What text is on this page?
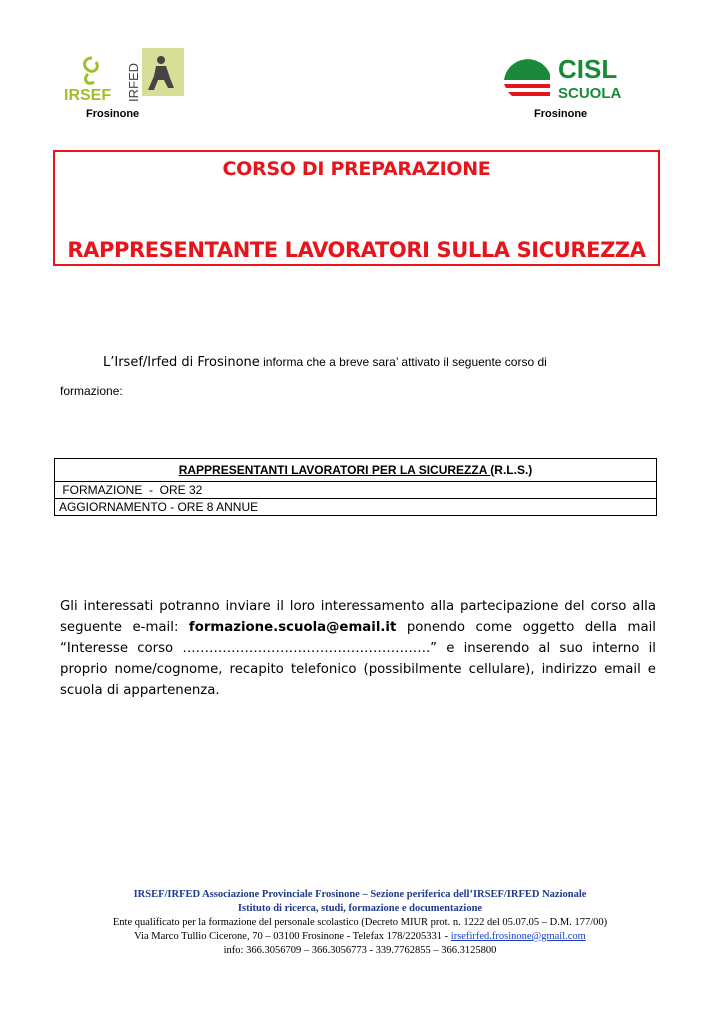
IRSEF IRFED	CISL
SCUOLA
Frosinone	Frosinone
CORSO DI PREPARAZIONE
RAPPRESENTANTE LAVORATORI SULLA SICUREZZA
L’Irsef/Irfed di Frosinone informa che a breve sara’ attivato il seguente corso di
formazione:
RAPPRESENTANTI LAVORATORI PER LA SICUREZZA (R.L.S.)
FORMAZIONE  -  ORE 32
AGGIORNAMENTO - ORE 8 ANNUE
Gli interessati potranno inviare il loro interessamento alla partecipazione del corso alla seguente e-mail: formazione.scuola@email.it ponendo come oggetto della mail “Interesse corso ………………………………………………..” e inserendo al suo interno il proprio nome/cognome, recapito telefonico (possibilmente cellulare), indirizzo email e scuola di appartenenza.
IRSEF/IRFED Associazione Provinciale Frosinone – Sezione periferica dell’IRSEF/IRFED Nazionale
Istituto di ricerca, studi, formazione e documentazione
Ente qualificato per la formazione del personale scolastico (Decreto MIUR prot. n. 1222 del 05.07.05 – D.M. 177/00)
Via Marco Tullio Cicerone, 70 – 03100 Frosinone - Telefax 178/2205331 - irsefirfed.frosinone@gmail.com
info: 366.3056709 – 366.3056773 - 339.7762855 – 366.3125800
